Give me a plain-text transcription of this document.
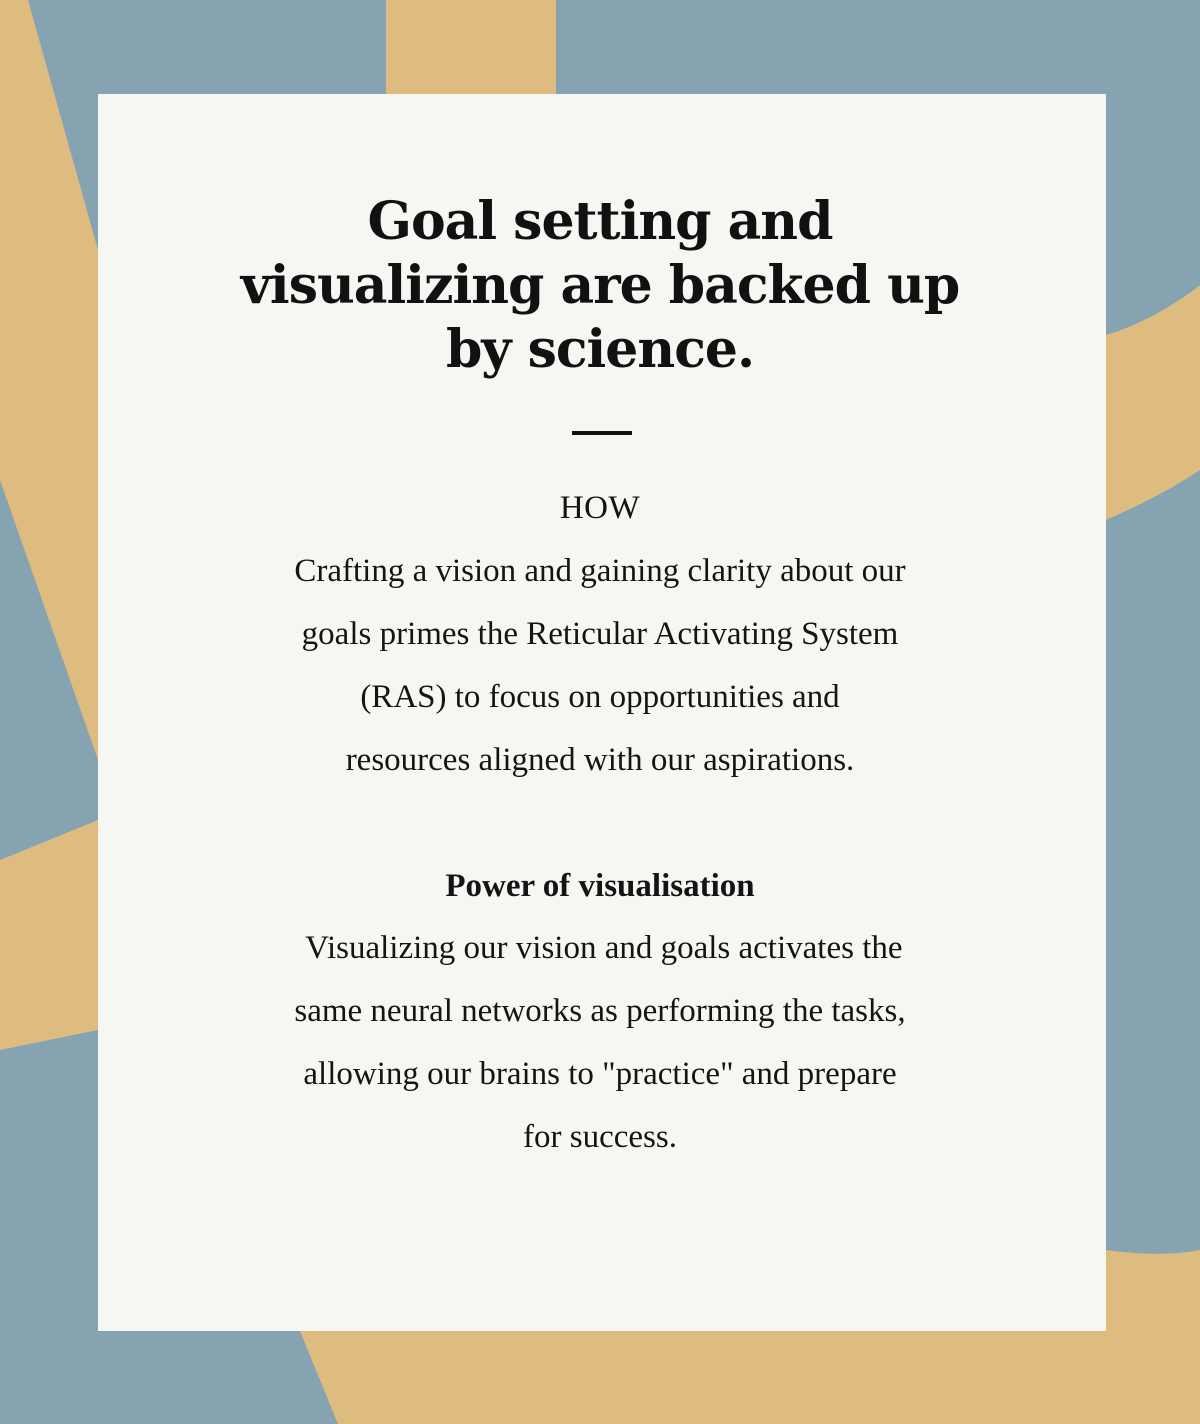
Goal setting and
visualizing are backed up
by science.
HOW

Crafting a vision and gaining clarity about our
goals primes the Reticular Activating System
(RAS) to focus on opportunities and
resources aligned with our aspirations.

Power of visualisation

Visualizing our vision and goals activates the
same neural networks as performing the tasks,
allowing our brains to "practice" and prepare
for success.
